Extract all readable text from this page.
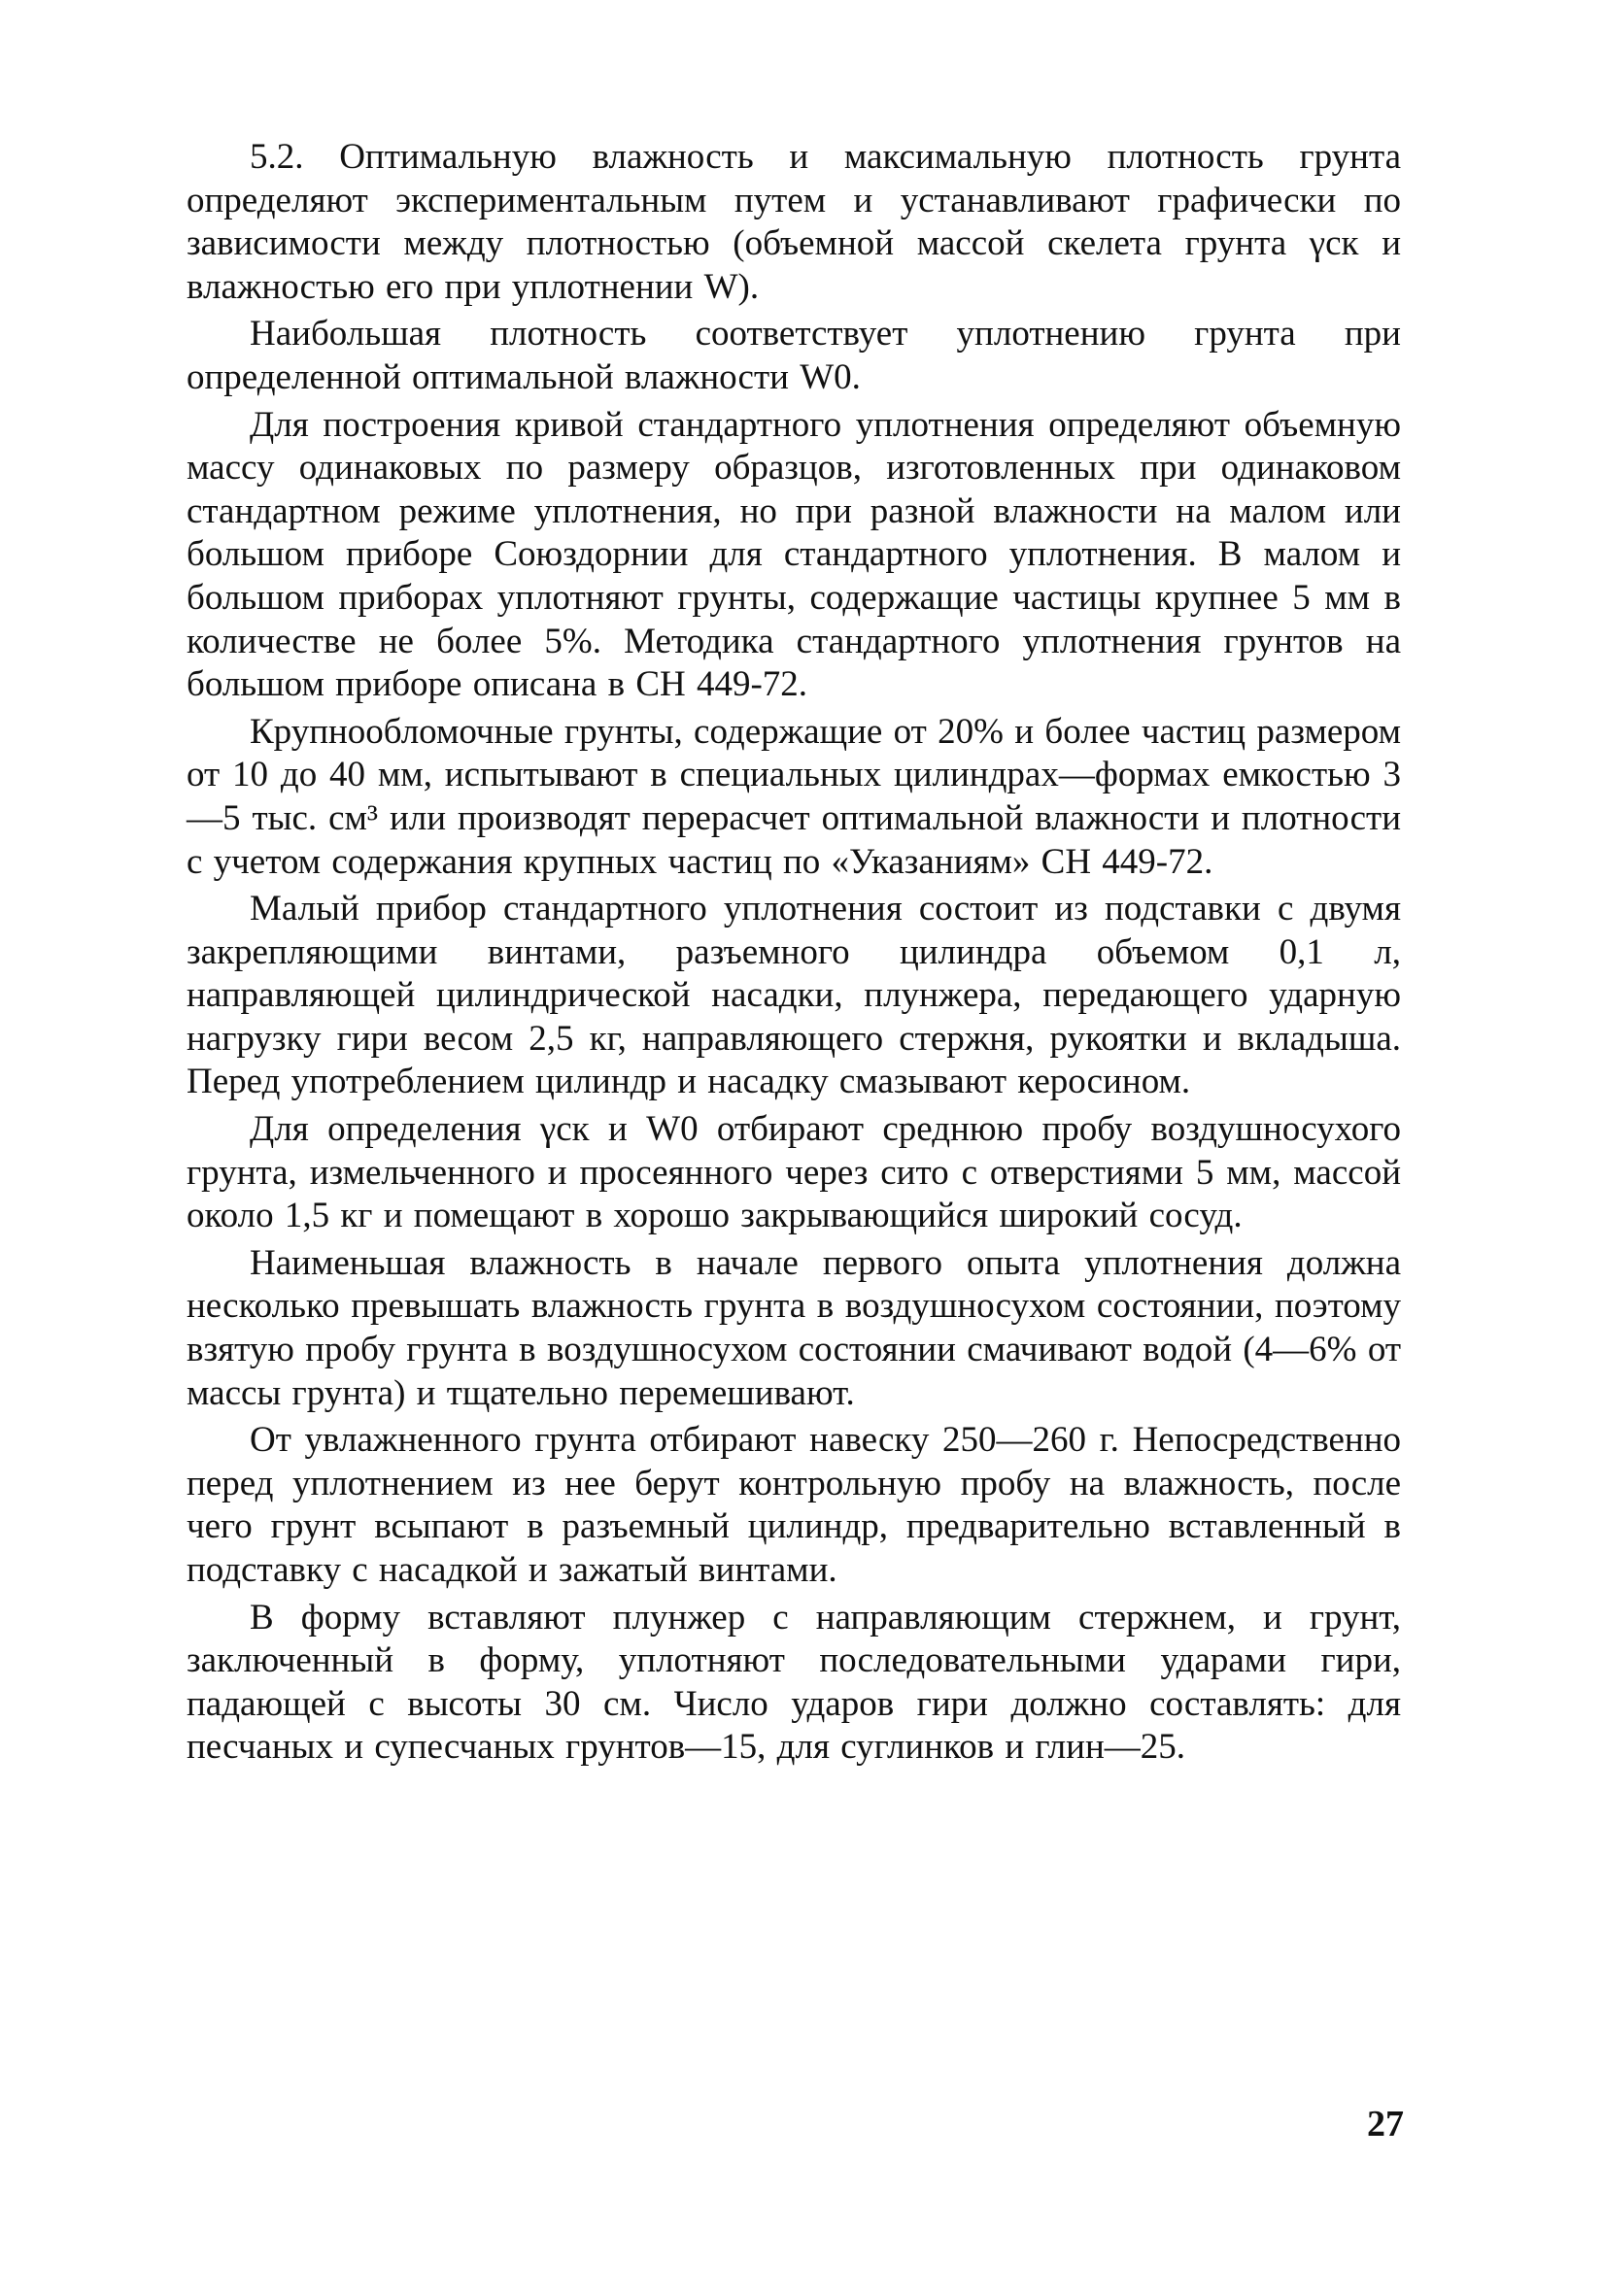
5.2. Оптимальную влажность и максимальную плотность грунта определяют экспериментальным путем и устанавливают графически по зависимости между плотностью (объемной массой скелета грунта γск и влажностью его при уплотнении W).

Наибольшая плотность соответствует уплотнению грунта при определенной оптимальной влажности W0.

Для построения кривой стандартного уплотнения определяют объемную массу одинаковых по размеру образцов, изготовленных при одинаковом стандартном режиме уплотнения, но при разной влажности на малом или большом приборе Союздорнии для стандартного уплотнения. В малом и большом приборах уплотняют грунты, содержащие частицы крупнее 5 мм в количестве не более 5%. Методика стандартного уплотнения грунтов на большом приборе описана в СН 449-72.

Крупнообломочные грунты, содержащие от 20% и более частиц размером от 10 до 40 мм, испытывают в специальных цилиндрах—формах емкостью 3—5 тыс. см³ или производят перерасчет оптимальной влажности и плотности с учетом содержания крупных частиц по «Указаниям» СН 449-72.

Малый прибор стандартного уплотнения состоит из подставки с двумя закрепляющими винтами, разъемного цилиндра объемом 0,1 л, направляющей цилиндрической насадки, плунжера, передающего ударную нагрузку гири весом 2,5 кг, направляющего стержня, рукоятки и вкладыша. Перед употреблением цилиндр и насадку смазывают керосином.

Для определения γск и W0 отбирают среднюю пробу воздушносухого грунта, измельченного и просеянного через сито с отверстиями 5 мм, массой около 1,5 кг и помещают в хорошо закрывающийся широкий сосуд.

Наименьшая влажность в начале первого опыта уплотнения должна несколько превышать влажность грунта в воздушносухом состоянии, поэтому взятую пробу грунта в воздушносухом состоянии смачивают водой (4—6% от массы грунта) и тщательно перемешивают.

От увлажненного грунта отбирают навеску 250—260 г. Непосредственно перед уплотнением из нее берут контрольную пробу на влажность, после чего грунт всыпают в разъемный цилиндр, предварительно вставленный в подставку с насадкой и зажатый винтами.

В форму вставляют плунжер с направляющим стержнем, и грунт, заключенный в форму, уплотняют последовательными ударами гири, падающей с высоты 30 см. Число ударов гири должно составлять: для песчаных и супесчаных грунтов—15, для суглинков и глин—25.

27
